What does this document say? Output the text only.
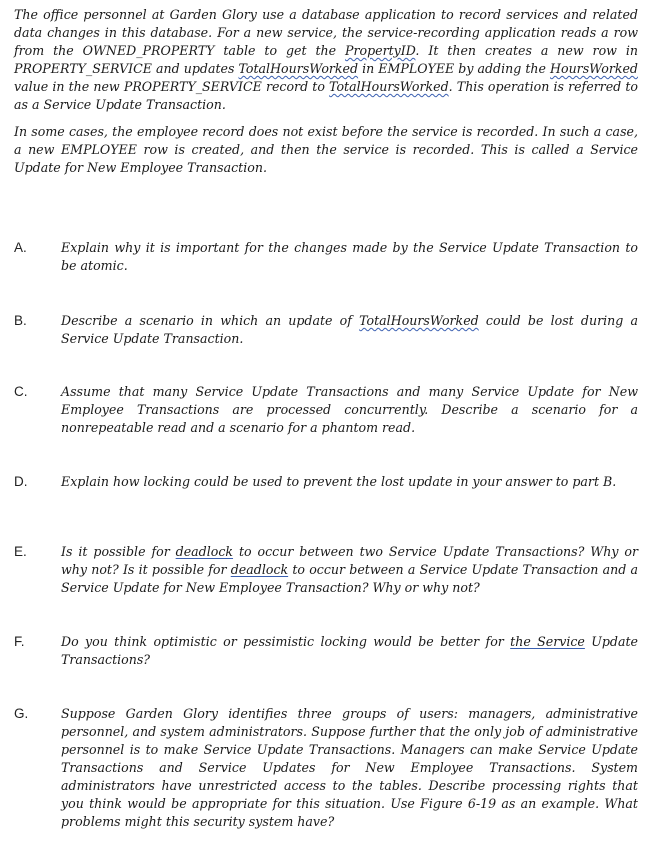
The office personnel at Garden Glory use a database application to record services and related data changes in this database. For a new service, the service-recording application reads a row from the OWNED_PROPERTY table to get the PropertyID. It then creates a new row in PROPERTY_SERVICE and updates TotalHoursWorked in EMPLOYEE by adding the HoursWorked value in the new PROPERTY_SERVICE record to TotalHoursWorked. This operation is referred to as a Service Update Transaction.

In some cases, the employee record does not exist before the service is recorded. In such a case, a new EMPLOYEE row is created, and then the service is recorded. This is called a Service Update for New Employee Transaction.

A.	Explain why it is important for the changes made by the Service Update Transaction to be atomic.

B.	Describe a scenario in which an update of TotalHoursWorked could be lost during a Service Update Transaction.

C.	Assume that many Service Update Transactions and many Service Update for New Employee Transactions are processed concurrently. Describe a scenario for a nonrepeatable read and a scenario for a phantom read.

D.	Explain how locking could be used to prevent the lost update in your answer to part B.

E.	Is it possible for deadlock to occur between two Service Update Transactions? Why or why not? Is it possible for deadlock to occur between a Service Update Transaction and a Service Update for New Employee Transaction? Why or why not?

F.	Do you think optimistic or pessimistic locking would be better for the Service Update Transactions?

G.	Suppose Garden Glory identifies three groups of users: managers, administrative personnel, and system administrators. Suppose further that the only job of administrative personnel is to make Service Update Transactions. Managers can make Service Update Transactions and Service Updates for New Employee Transactions. System administrators have unrestricted access to the tables. Describe processing rights that you think would be appropriate for this situation. Use Figure 6-19 as an example. What problems might this security system have?
